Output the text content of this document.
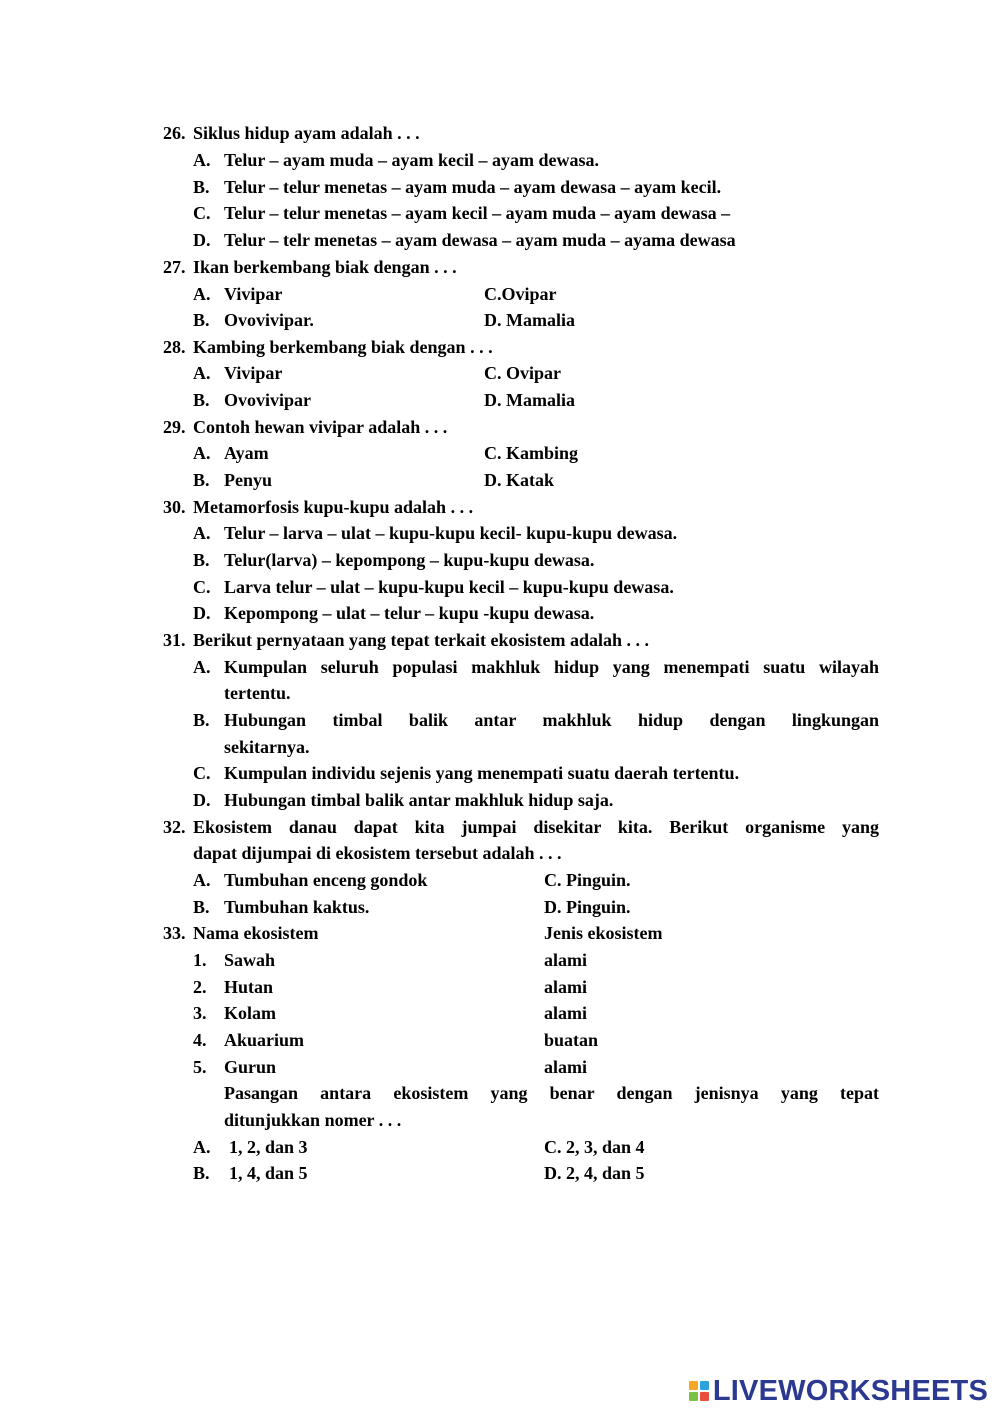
26. Siklus hidup ayam adalah . . .
A. Telur – ayam muda – ayam kecil – ayam dewasa.
B. Telur – telur menetas – ayam muda – ayam dewasa – ayam kecil.
C. Telur – telur menetas – ayam kecil – ayam muda – ayam dewasa –
D. Telur – telr menetas – ayam dewasa – ayam muda – ayama dewasa
27. Ikan berkembang biak dengan . . .
A. Vivipar	C.Ovipar
B. Ovovivipar.	D. Mamalia
28. Kambing berkembang biak dengan . . .
A. Vivipar	C. Ovipar
B. Ovovivipar	D. Mamalia
29. Contoh hewan vivipar adalah . . .
A. Ayam	C. Kambing
B. Penyu	D. Katak
30. Metamorfosis kupu-kupu adalah . . .
A. Telur – larva – ulat – kupu-kupu kecil- kupu-kupu dewasa.
B. Telur(larva) – kepompong – kupu-kupu dewasa.
C. Larva telur – ulat – kupu-kupu kecil – kupu-kupu dewasa.
D. Kepompong – ulat – telur – kupu -kupu dewasa.
31. Berikut pernyataan yang tepat terkait ekosistem adalah . . .
A. Kumpulan seluruh populasi makhluk hidup yang menempati suatu wilayah
tertentu.
B. Hubungan timbal balik antar makhluk hidup dengan lingkungan
sekitarnya.
C. Kumpulan individu sejenis yang menempati suatu daerah tertentu.
D. Hubungan timbal balik antar makhluk hidup saja.
32. Ekosistem danau dapat kita jumpai disekitar kita. Berikut organisme yang
dapat dijumpai di ekosistem tersebut adalah . . .
A. Tumbuhan enceng gondok	C. Pinguin.
B. Tumbuhan kaktus.	D. Pinguin.
33. Nama ekosistem	Jenis ekosistem
1. Sawah	alami
2. Hutan	alami
3. Kolam	alami
4. Akuarium	buatan
5. Gurun	alami
Pasangan antara ekosistem yang benar dengan jenisnya yang tepat
ditunjukkan nomer . . .
A. 1, 2, dan 3	C. 2, 3, dan 4
B. 1, 4, dan 5	D. 2, 4, dan 5
LIVEWORKSHEETS
